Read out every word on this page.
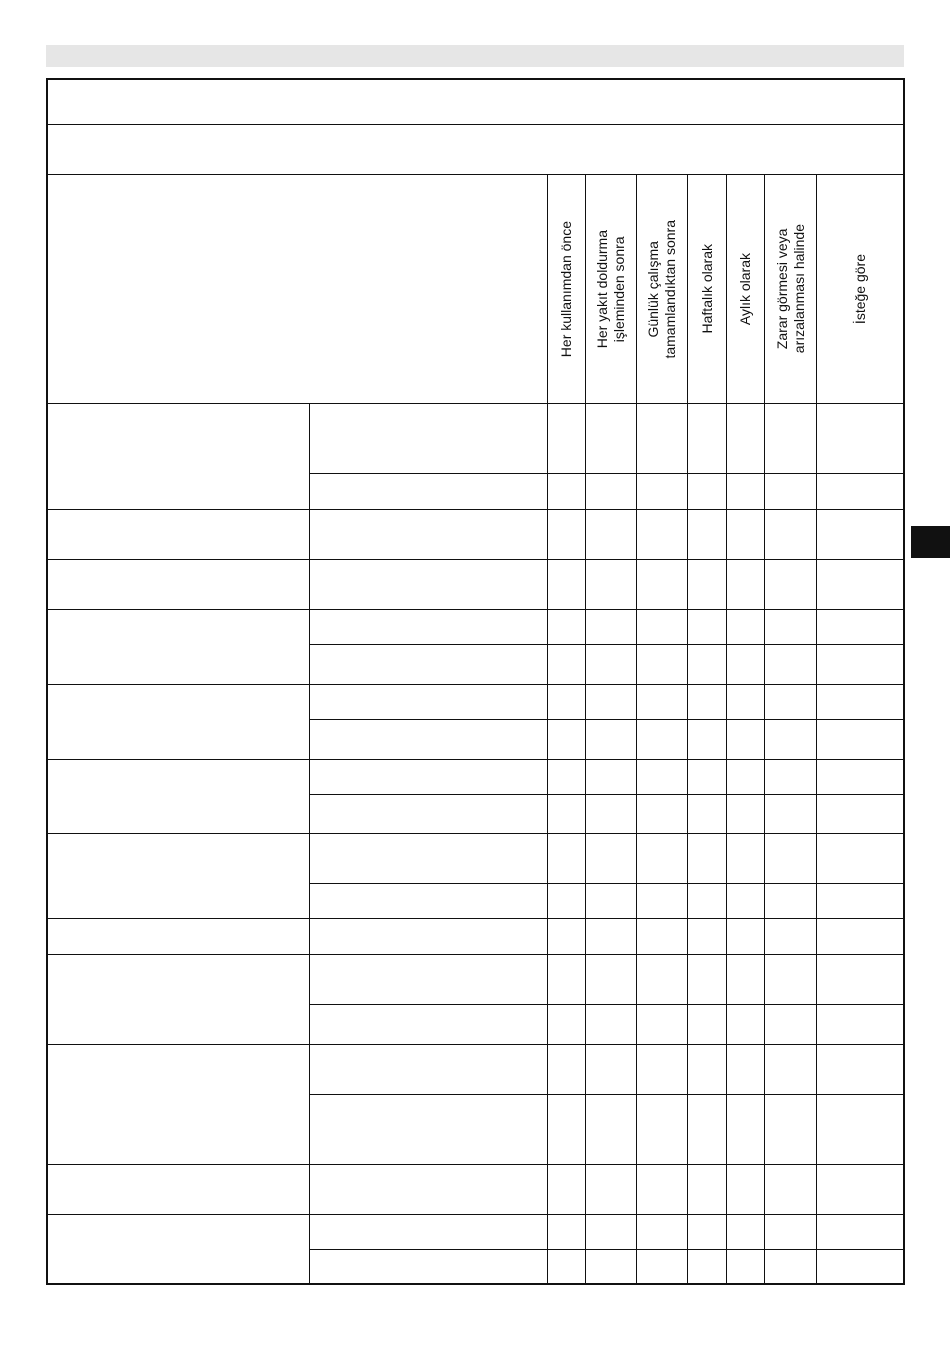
Her kullanımdan önce Her yakıt doldurma
işleminden sonra
Günlük çalışma
tamamlandıktan sonra
Haftalık olarak Aylık olarak
Zarar görmesi veya
arızalanması halinde
İsteğe göre
